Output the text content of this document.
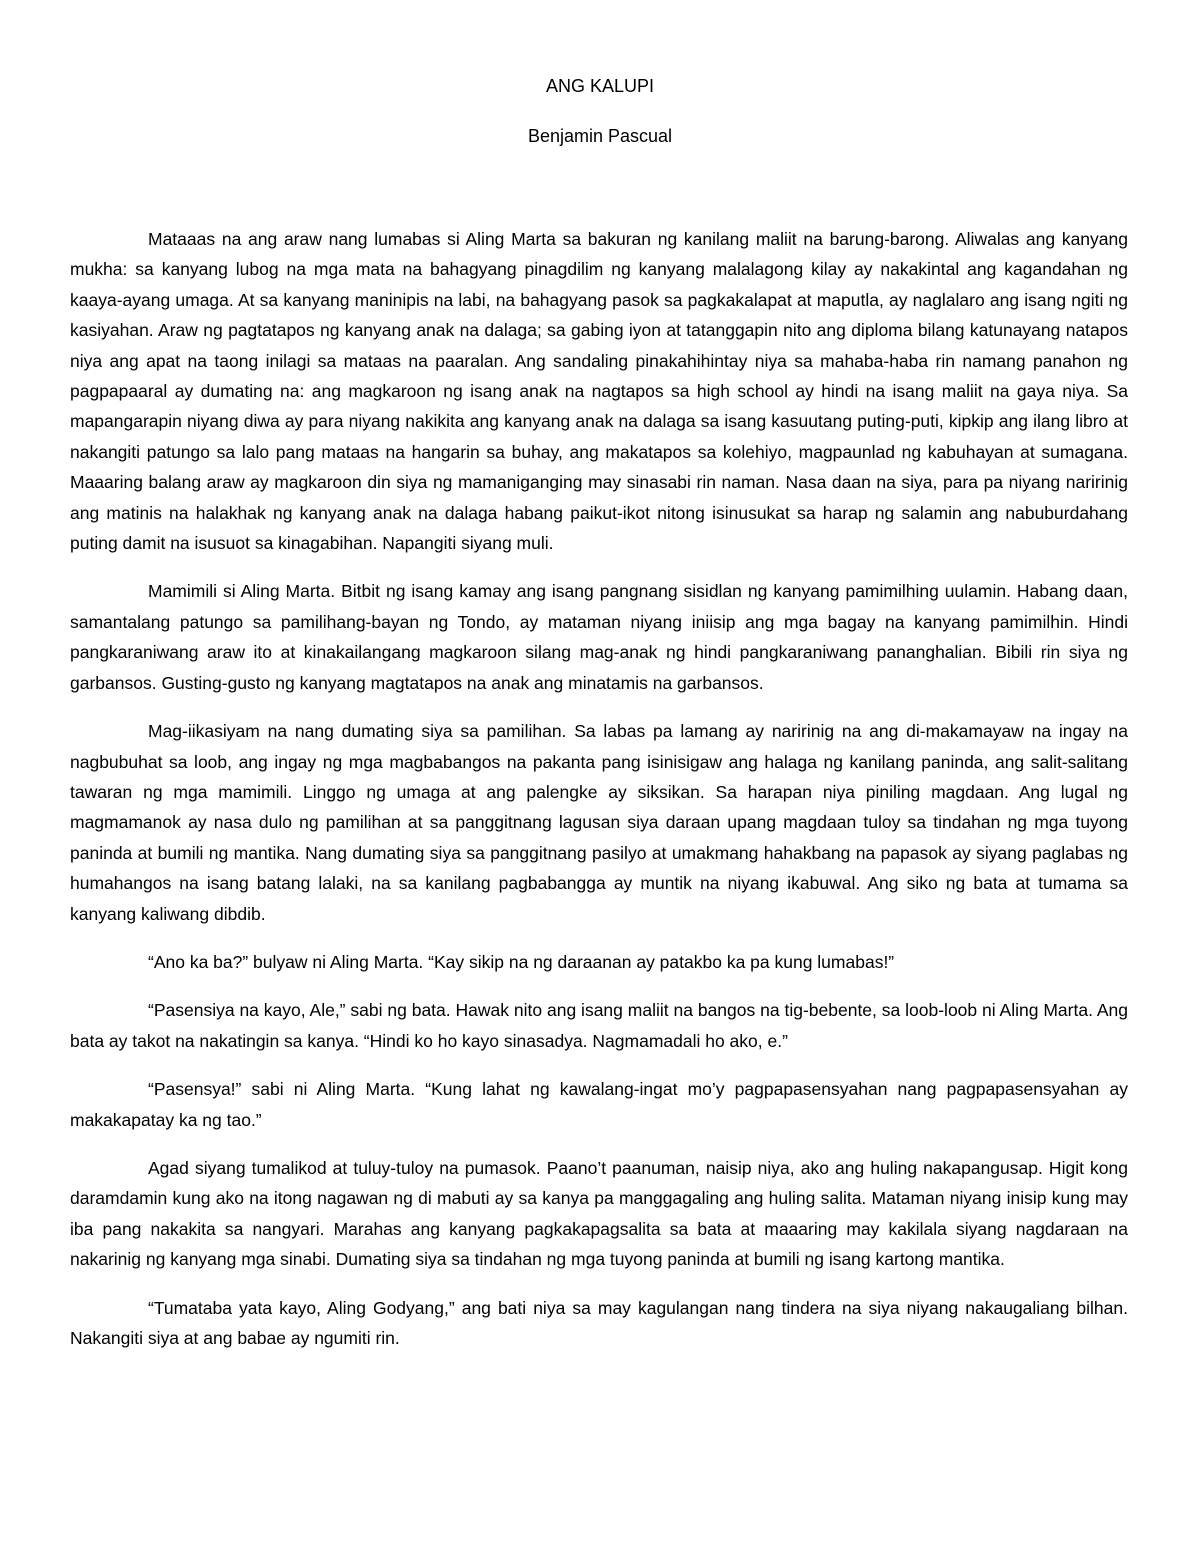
ANG KALUPI
Benjamin Pascual

Mataaas na ang araw nang lumabas si Aling Marta sa bakuran ng kanilang maliit na barung-barong. Aliwalas ang kanyang mukha: sa kanyang lubog na mga mata na bahagyang pinagdilim ng kanyang malalagong kilay ay nakakintal ang kagandahan ng kaaya-ayang umaga. At sa kanyang maninipis na labi, na bahagyang pasok sa pagkakalapat at maputla, ay naglalaro ang isang ngiti ng kasiyahan. Araw ng pagtatapos ng kanyang anak na dalaga; sa gabing iyon at tatanggapin nito ang diploma bilang katunayang natapos niya ang apat na taong inilagi sa mataas na paaralan. Ang sandaling pinakahihintay niya sa mahaba-haba rin namang panahon ng pagpapaaral ay dumating na: ang magkaroon ng isang anak na nagtapos sa high school ay hindi na isang maliit na gaya niya. Sa mapangarapin niyang diwa ay para niyang nakikita ang kanyang anak na dalaga sa isang kasuutang puting-puti, kipkip ang ilang libro at nakangiti patungo sa lalo pang mataas na hangarin sa buhay, ang makatapos sa kolehiyo, magpaunlad ng kabuhayan at sumagana. Maaaring balang araw ay magkaroon din siya ng mamaniganging may sinasabi rin naman. Nasa daan na siya, para pa niyang naririnig ang matinis na halakhak ng kanyang anak na dalaga habang paikut-ikot nitong isinusukat sa harap ng salamin ang nabuburdahang puting damit na isusuot sa kinagabihan. Napangiti siyang muli.

Mamimili si Aling Marta. Bitbit ng isang kamay ang isang pangnang sisidlan ng kanyang pamimilhing uulamin. Habang daan, samantalang patungo sa pamilihang-bayan ng Tondo, ay mataman niyang iniisip ang mga bagay na kanyang pamimilhin. Hindi pangkaraniwang araw ito at kinakailangang magkaroon silang mag-anak ng hindi pangkaraniwang pananghalian. Bibili rin siya ng garbansos. Gusting-gusto ng kanyang magtatapos na anak ang minatamis na garbansos.

Mag-iikasiyam na nang dumating siya sa pamilihan. Sa labas pa lamang ay naririnig na ang di-makamayaw na ingay na nagbubuhat sa loob, ang ingay ng mga magbabangos na pakanta pang isinisigaw ang halaga ng kanilang paninda, ang salit-salitang tawaran ng mga mamimili. Linggo ng umaga at ang palengke ay siksikan. Sa harapan niya piniling magdaan. Ang lugal ng magmamanok ay nasa dulo ng pamilihan at sa panggitnang lagusan siya daraan upang magdaan tuloy sa tindahan ng mga tuyong paninda at bumili ng mantika. Nang dumating siya sa panggitnang pasilyo at umakmang hahakbang na papasok ay siyang paglabas ng humahangos na isang batang lalaki, na sa kanilang pagbabangga ay muntik na niyang ikabuwal. Ang siko ng bata at tumama sa kanyang kaliwang dibdib.

“Ano ka ba?” bulyaw ni Aling Marta. “Kay sikip na ng daraanan ay patakbo ka pa kung lumabas!”

“Pasensiya na kayo, Ale,” sabi ng bata. Hawak nito ang isang maliit na bangos na tig-bebente, sa loob-loob ni Aling Marta. Ang bata ay takot na nakatingin sa kanya. “Hindi ko ho kayo sinasadya. Nagmamadali ho ako, e.”

“Pasensya!” sabi ni Aling Marta. “Kung lahat ng kawalang-ingat mo’y pagpapasensyahan nang pagpapasensyahan ay makakapatay ka ng tao.”

Agad siyang tumalikod at tuluy-tuloy na pumasok. Paano’t paanuman, naisip niya, ako ang huling nakapangusap. Higit kong daramdamin kung ako na itong nagawan ng di mabuti ay sa kanya pa manggagaling ang huling salita. Mataman niyang inisip kung may iba pang nakakita sa nangyari. Marahas ang kanyang pagkakapagsalita sa bata at maaaring may kakilala siyang nagdaraan na nakarinig ng kanyang mga sinabi. Dumating siya sa tindahan ng mga tuyong paninda at bumili ng isang kartong mantika.

“Tumataba yata kayo, Aling Godyang,” ang bati niya sa may kagulangan nang tindera na siya niyang nakaugaliang bilhan. Nakangiti siya at ang babae ay ngumiti rin.
